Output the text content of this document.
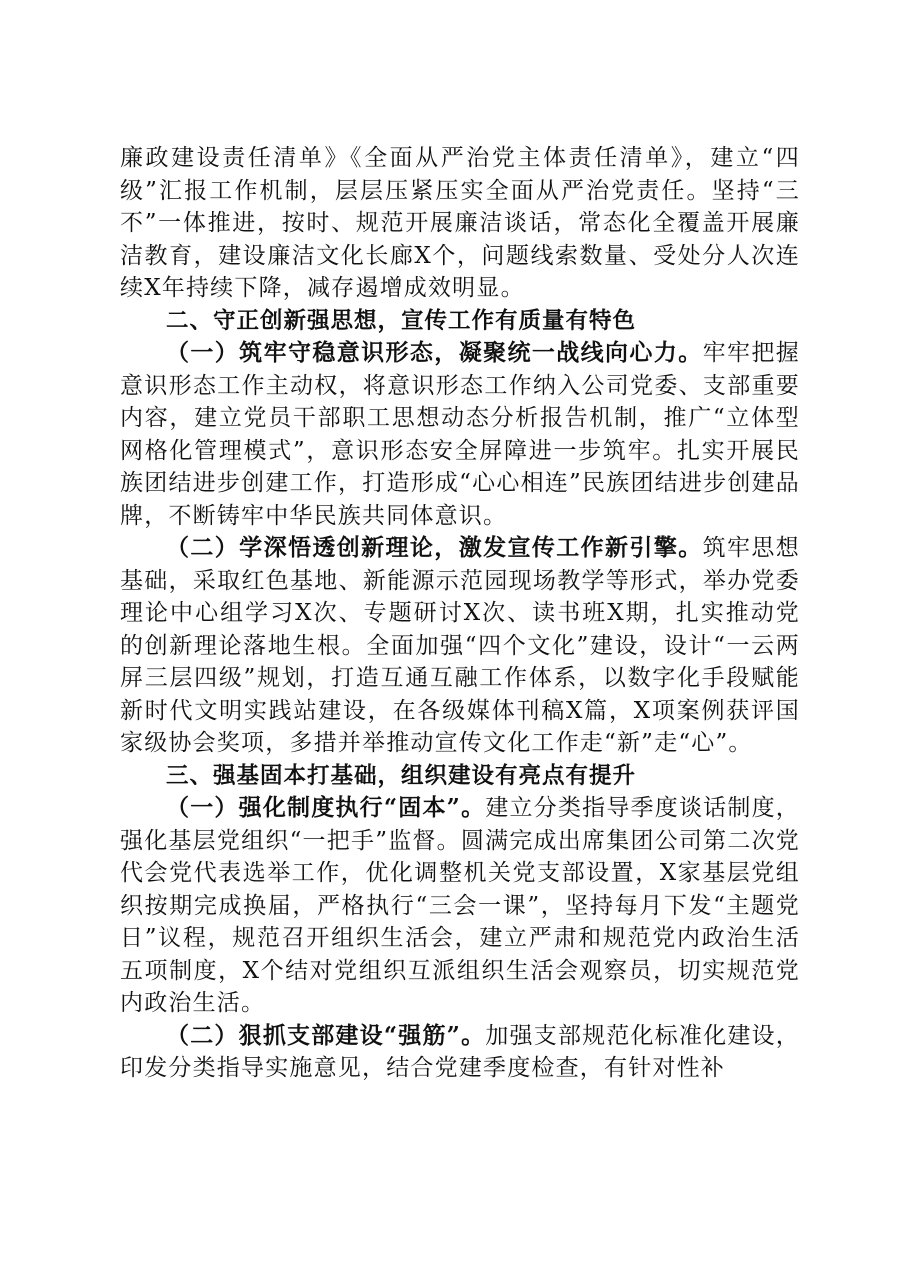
廉政建设责任清单》《全面从严治党主体责任清单》，建立“四级”汇报工作机制，层层压紧压实全面从严治党责任。坚持“三不”一体推进，按时、规范开展廉洁谈话，常态化全覆盖开展廉洁教育，建设廉洁文化长廊X个，问题线索数量、受处分人次连续X年持续下降，减存遏增成效明显。

二、守正创新强思想，宣传工作有质量有特色

（一）筑牢守稳意识形态，凝聚统一战线向心力。牢牢把握意识形态工作主动权，将意识形态工作纳入公司党委、支部重要内容，建立党员干部职工思想动态分析报告机制，推广“立体型网格化管理模式”，意识形态安全屏障进一步筑牢。扎实开展民族团结进步创建工作，打造形成“心心相连”民族团结进步创建品牌，不断铸牢中华民族共同体意识。

（二）学深悟透创新理论，激发宣传工作新引擎。筑牢思想基础，采取红色基地、新能源示范园现场教学等形式，举办党委理论中心组学习X次、专题研讨X次、读书班X期，扎实推动党的创新理论落地生根。全面加强“四个文化”建设，设计“一云两屏三层四级”规划，打造互通互融工作体系，以数字化手段赋能新时代文明实践站建设，在各级媒体刊稿X篇，X项案例获评国家级协会奖项，多措并举推动宣传文化工作走“新”走“心”。

三、强基固本打基础，组织建设有亮点有提升

（一）强化制度执行“固本”。建立分类指导季度谈话制度，强化基层党组织“一把手”监督。圆满完成出席集团公司第二次党代会党代表选举工作，优化调整机关党支部设置，X家基层党组织按期完成换届，严格执行“三会一课”，坚持每月下发“主题党日”议程，规范召开组织生活会，建立严肃和规范党内政治生活五项制度，X个结对党组织互派组织生活会观察员，切实规范党内政治生活。

（二）狠抓支部建设“强筋”。加强支部规范化标准化建设，印发分类指导实施意见，结合党建季度检查，有针对性补
